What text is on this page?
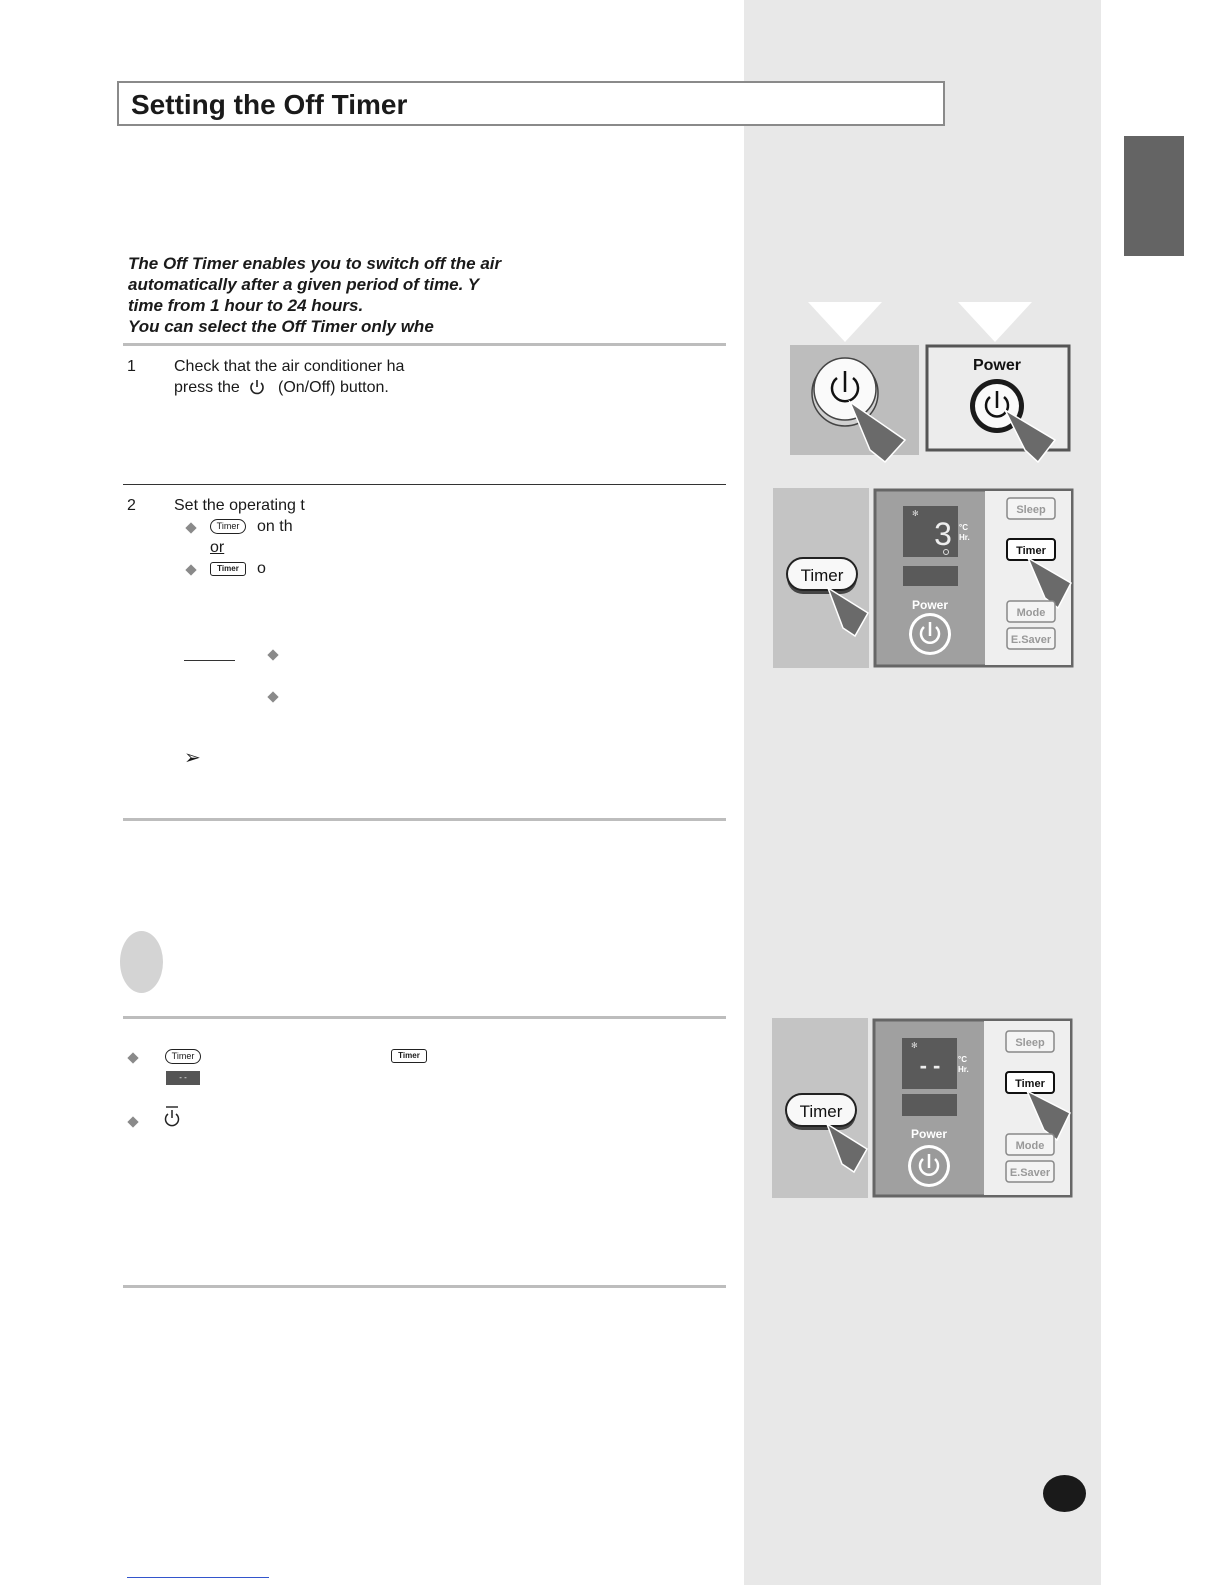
Setting the Off Timer
The Off Timer enables you to switch off the air
automatically after a given period of time. Y
time from 1 hour to 24 hours.
You can select the Off Timer only whe
1 Check that the air conditioner ha
press the (On/Off) button.
2 Set the operating t
Timer	on th
or
Timer	o
➢
Timer	Timer
- -
Power
Timer
✻
3 °C
Hr.
Power
Sleep
Timer
Mode
E.Saver
Timer
✻
- - °C
Hr.
Power
Sleep
Timer
Mode
E.Saver
